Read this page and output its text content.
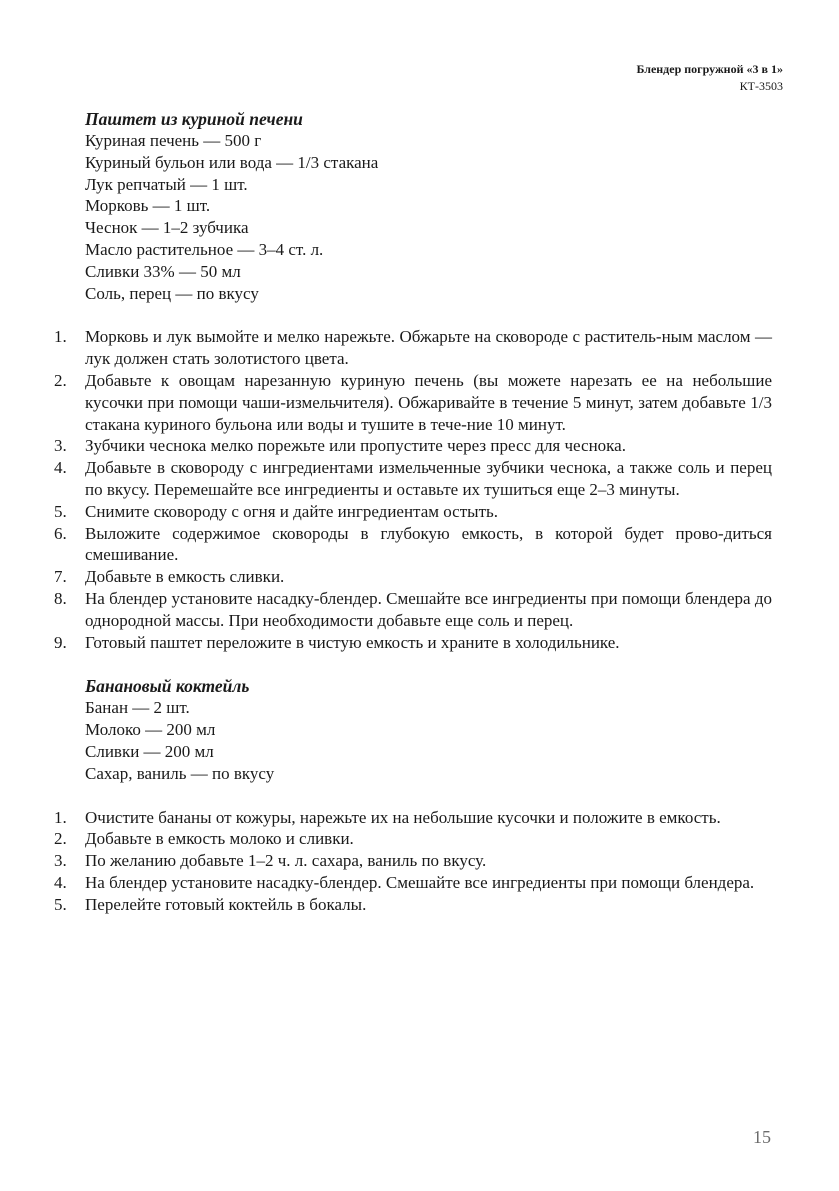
Блендер погружной «3 в 1»
КТ-3503
Паштет из куриной печени
Куриная печень — 500 г
Куриный бульон или вода — 1/3 стакана
Лук репчатый — 1 шт.
Морковь — 1 шт.
Чеснок — 1–2 зубчика
Масло растительное — 3–4 ст. л.
Сливки 33% — 50 мл
Соль, перец — по вкусу
1. Морковь и лук вымойте и мелко нарежьте. Обжарьте на сковороде с раститель-ным маслом — лук должен стать золотистого цвета.
2. Добавьте к овощам нарезанную куриную печень (вы можете нарезать ее на небольшие кусочки при помощи чаши-измельчителя). Обжаривайте в течение 5 минут, затем добавьте 1/3 стакана куриного бульона или воды и тушите в тече-ние 10 минут.
3. Зубчики чеснока мелко порежьте или пропустите через пресс для чеснока.
4. Добавьте в сковороду с ингредиентами измельченные зубчики чеснока, а также соль и перец по вкусу. Перемешайте все ингредиенты и оставьте их тушиться еще 2–3 минуты.
5. Снимите сковороду с огня и дайте ингредиентам остыть.
6. Выложите содержимое сковороды в глубокую емкость, в которой будет прово-диться смешивание.
7. Добавьте в емкость сливки.
8. На блендер установите насадку-блендер. Смешайте все ингредиенты при помощи блендера до однородной массы. При необходимости добавьте еще соль и перец.
9. Готовый паштет переложите в чистую емкость и храните в холодильнике.
Банановый коктейль
Банан — 2 шт.
Молоко — 200 мл
Сливки — 200 мл
Сахар, ваниль — по вкусу
1. Очистите бананы от кожуры, нарежьте их на небольшие кусочки и положите в емкость.
2. Добавьте в емкость молоко и сливки.
3. По желанию добавьте 1–2 ч. л. сахара, ваниль по вкусу.
4. На блендер установите насадку-блендер. Смешайте все ингредиенты при помощи блендера.
5. Перелейте готовый коктейль в бокалы.
15
